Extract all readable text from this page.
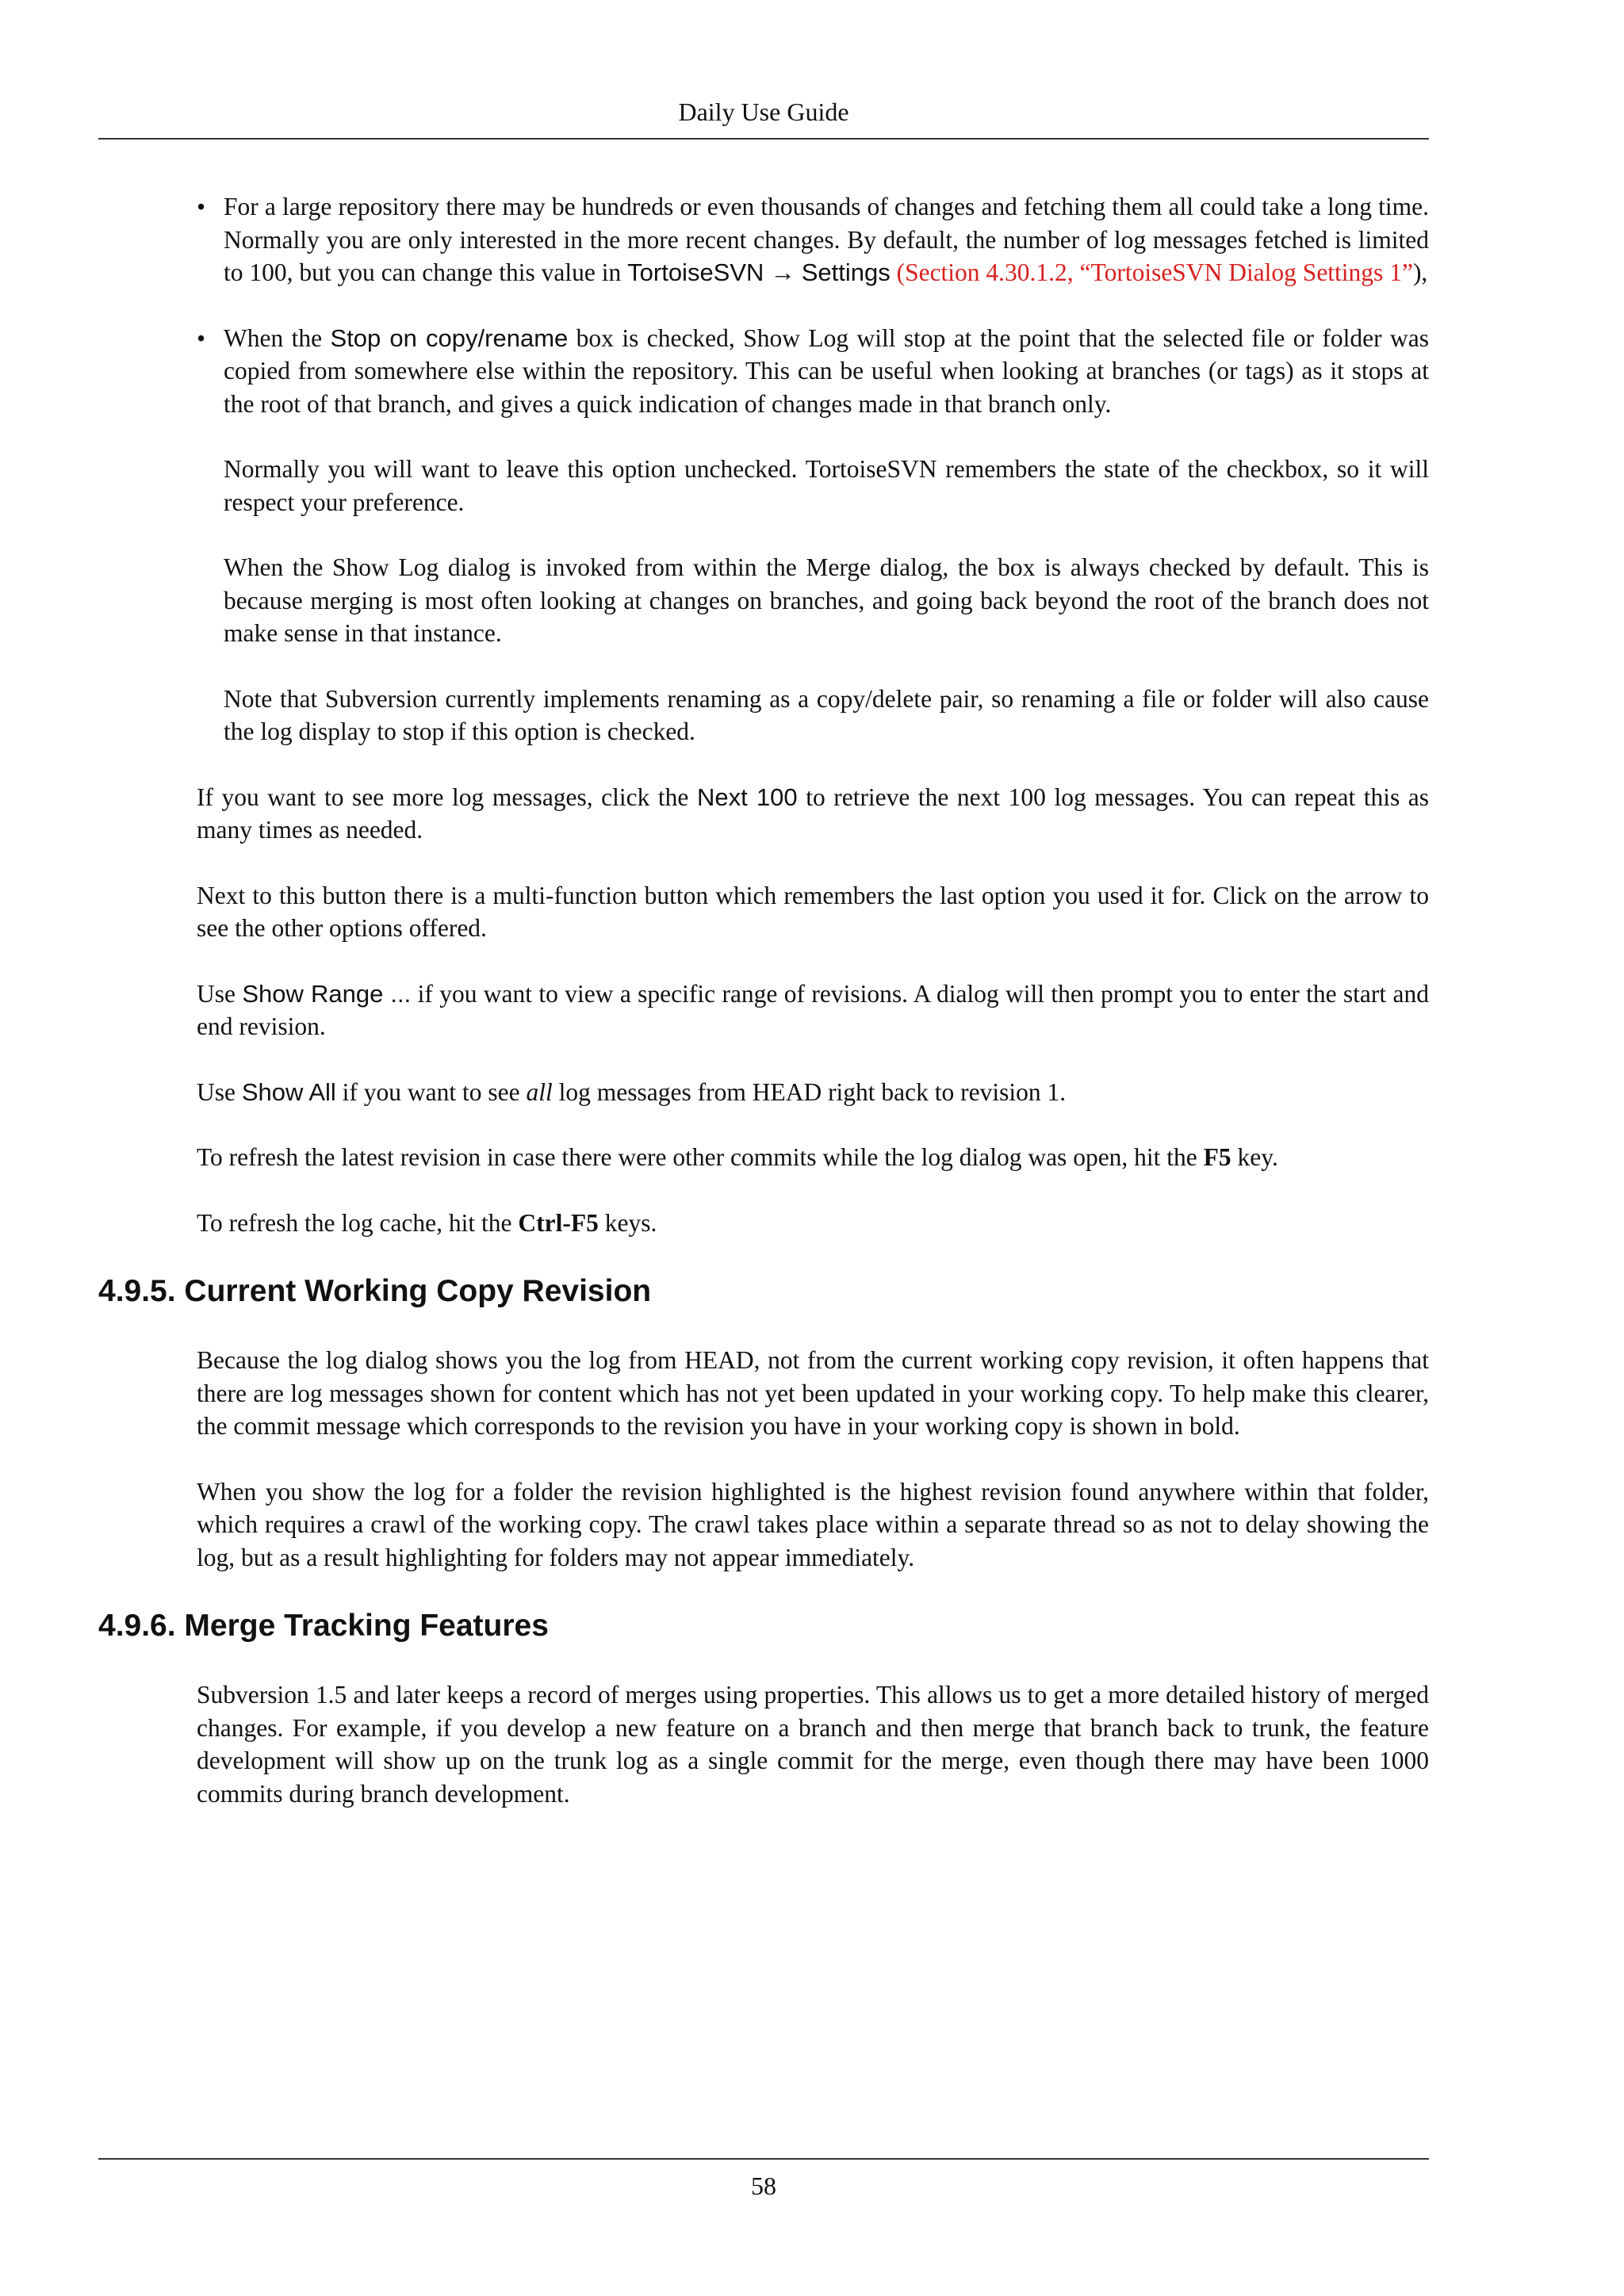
Daily Use Guide
• For a large repository there may be hundreds or even thousands of changes and fetching them all could take a long time. Normally you are only interested in the more recent changes. By default, the number of log messages fetched is limited to 100, but you can change this value in TortoiseSVN → Settings (Section 4.30.1.2, “TortoiseSVN Dialog Settings 1”),

• When the Stop on copy/rename box is checked, Show Log will stop at the point that the selected file or folder was copied from somewhere else within the repository. This can be useful when looking at branches (or tags) as it stops at the root of that branch, and gives a quick indication of changes made in that branch only.

Normally you will want to leave this option unchecked. TortoiseSVN remembers the state of the checkbox, so it will respect your preference.

When the Show Log dialog is invoked from within the Merge dialog, the box is always checked by default. This is because merging is most often looking at changes on branches, and going back beyond the root of the branch does not make sense in that instance.

Note that Subversion currently implements renaming as a copy/delete pair, so renaming a file or folder will also cause the log display to stop if this option is checked.

If you want to see more log messages, click the Next 100 to retrieve the next 100 log messages. You can repeat this as many times as needed.

Next to this button there is a multi-function button which remembers the last option you used it for. Click on the arrow to see the other options offered.

Use Show Range ... if you want to view a specific range of revisions. A dialog will then prompt you to enter the start and end revision.

Use Show All if you want to see all log messages from HEAD right back to revision 1.

To refresh the latest revision in case there were other commits while the log dialog was open, hit the F5 key.

To refresh the log cache, hit the Ctrl-F5 keys.

4.9.5. Current Working Copy Revision

Because the log dialog shows you the log from HEAD, not from the current working copy revision, it often happens that there are log messages shown for content which has not yet been updated in your working copy. To help make this clearer, the commit message which corresponds to the revision you have in your working copy is shown in bold.

When you show the log for a folder the revision highlighted is the highest revision found anywhere within that folder, which requires a crawl of the working copy. The crawl takes place within a separate thread so as not to delay showing the log, but as a result highlighting for folders may not appear immediately.

4.9.6. Merge Tracking Features

Subversion 1.5 and later keeps a record of merges using properties. This allows us to get a more detailed history of merged changes. For example, if you develop a new feature on a branch and then merge that branch back to trunk, the feature development will show up on the trunk log as a single commit for the merge, even though there may have been 1000 commits during branch development.

58
